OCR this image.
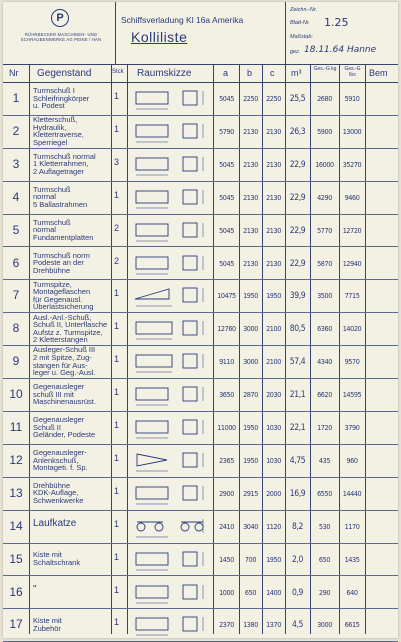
P
RÜHRBECKER MASCHINEN- UND SCHRAUBENWERKE AG PEINE / HAN
Schiffsverladung Kl 16a Amerika
Kolliliste
Zeichn.-Nr.
Blatt-Nr. 1.25
Maßstab:
gez. 18.11.64 Hanne
Nr Gegenstand	Stck Raumskizze	a b c m³	Ges.-G kg	Ges.-G lbs	Bem
1
Turmschuß I
Schleifringkörper
u. Podest
1	5045	2250	2250	25,5	2680	5910
2
Kletterschuß,
Hydraulik,
Klettertraverse,
Sperriegel
1	5790	2130	2130	26,3	5900	13000
3
Turmschuß normal
1 Kletterrahmen,
2 Auflagetrager
3	5045	2130	2130	22,9	16000	35270
4
Turmschuß
normal
5 Ballastrahmen
1	5045	2130	2130	22,9	4290	9460
5
Turmschuß
normal
Fundamentplatten
2	5045	2130	2130	22,9	5770	12720
6
Turmschuß norm
Podeste an der
Drehbühne
2	5045	2130	2130	22,9	5870	12940
7
Turmspitze,
Montageflaschen
für Gegenausl.
Überlastsicherung
1	10475	1950	1950	39,9	3500	7715
8
Ausl.-Anl.-Schuß,
Schuß II, Unterflasche
Aufstz z. Turmspitze,
2 Kletterstangen
1	12760	3000	2100	80,5	6360	14020
9
Ausleger-Schuß III
2 mit Spitze, Zug-
stangen für Aus-
leger u. Geg.-Ausl.
1	9110	3000	2100	57,4	4340	9570
10
Gegenausleger
schuß III mit
Maschinenausrüst.
1	3650	2870	2030	21,1	6620	14595
11
Gegenausleger
Schuß II
Geländer, Podeste
1	11000	1950	1030	22,1	1720	3790
12
Gegenausleger-
Anlenkschuß,
Montageti. f. Sp.
1	2365	1950	1030	4,75	435	960
13
Drehbühne
KDK-Auflage,
Schwenkwerke
1	2900	2915	2000	16,9	6550	14440
14	Laufkatze	1	2410	3040	1120	8,2	530	1170
15	Kiste mit
Schaltschrank
1	1450	700	1950	2,0	650	1435
16	"	1	1000	650	1400	0,9	290	640
17	Kiste mit
Zubehör
1	2370	1380	1370	4,5	3000	6615
